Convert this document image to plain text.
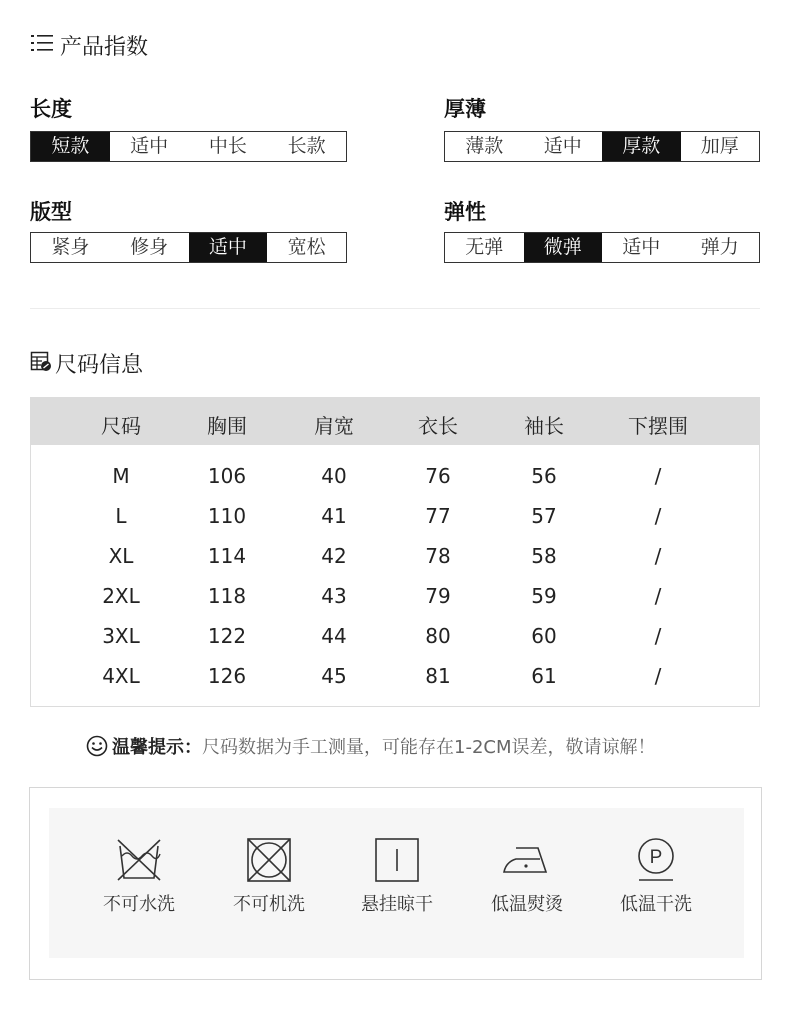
产品指数
长度
短款	适中	中长	长款
厚薄
薄款	适中	厚款	加厚
版型
紧身	修身	适中	宽松
弹性
无弹	微弹	适中	弹力
尺码信息
尺码	胸围	肩宽	衣长	袖长	下摆围
M	106	40	76	56	/
L	110	41	77	57	/
XL	114	42	78	58	/
2XL	118	43	79	59	/
3XL	122	44	80	60	/
4XL	126	45	81	61	/
温馨提示： 尺码数据为手工测量，可能存在1-2CM误差，敬请谅解！
不可水洗	不可机洗	悬挂晾干	低温熨烫
P
低温干洗
